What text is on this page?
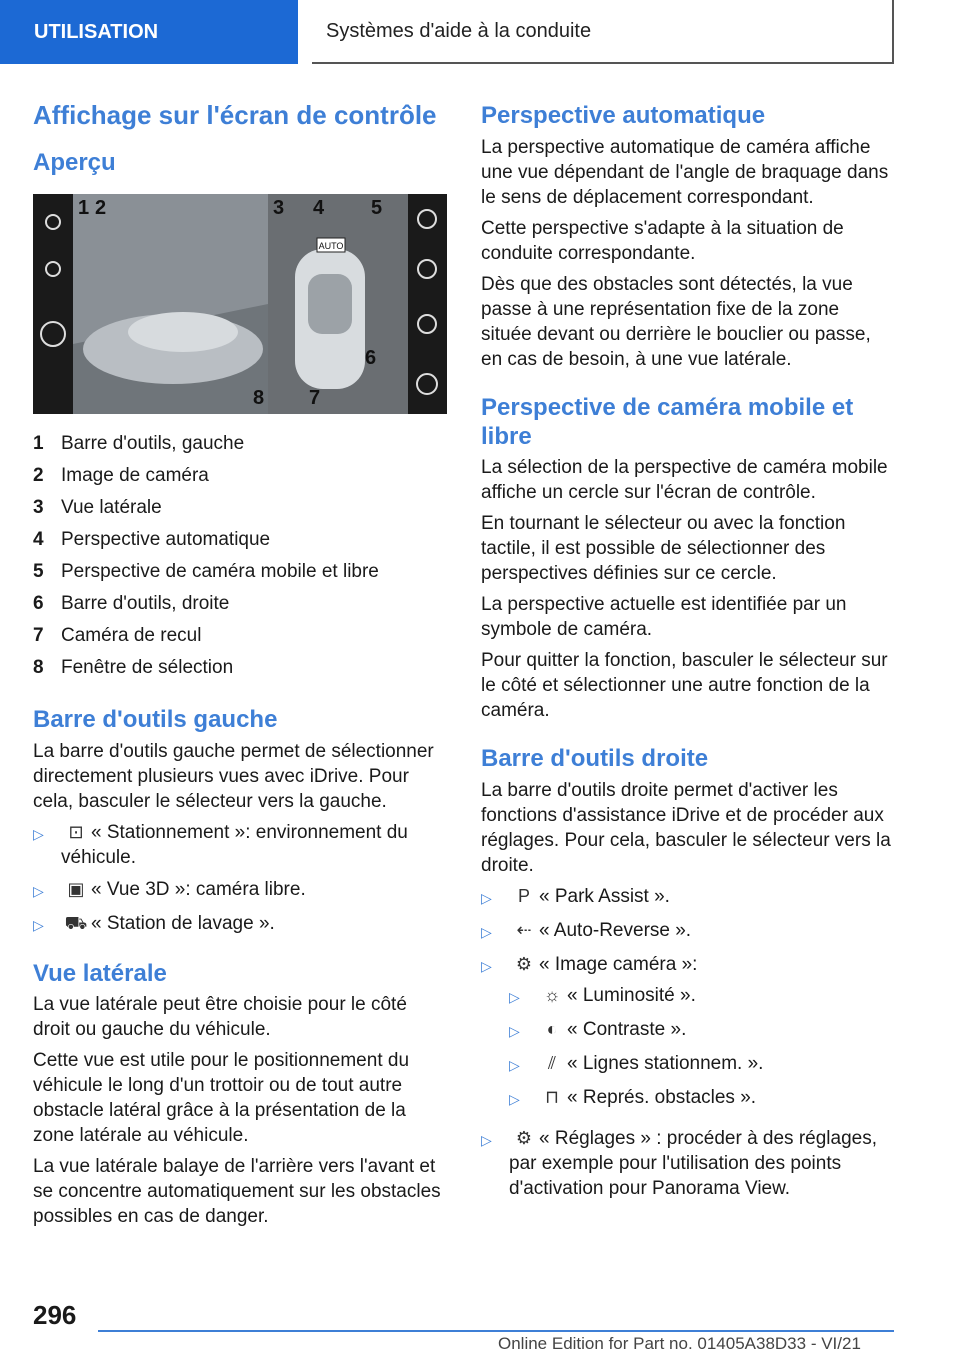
UTILISATION	Systèmes d'aide à la conduite
Affichage sur l'écran de contrôle
Aperçu
AUTO
1 2	3 4 5
6
7
8
1 Barre d'outils, gauche
2 Image de caméra
3 Vue latérale
4 Perspective automatique
5 Perspective de caméra mobile et libre
6 Barre d'outils, droite
7 Caméra de recul
8 Fenêtre de sélection
Barre d'outils gauche

La barre d'outils gauche permet de sélectionner directement plusieurs vues avec iDrive. Pour cela, basculer le sélecteur vers la gauche.

▷	⊡ « Stationnement »: environnement du véhicule.
▷	▣ « Vue 3D »: caméra libre.
▷	⛟ « Station de lavage ».
Vue latérale

La vue latérale peut être choisie pour le côté droit ou gauche du véhicule.

Cette vue est utile pour le positionnement du véhicule le long d'un trottoir ou de tout autre obstacle latéral grâce à la présentation de la zone latérale au véhicule.

La vue latérale balaye de l'arrière vers l'avant et se concentre automatiquement sur les obstacles possibles en cas de danger.

Perspective automatique

La perspective automatique de caméra affiche une vue dépendant de l'angle de braquage dans le sens de déplacement correspondant.

Cette perspective s'adapte à la situation de conduite correspondante.

Dès que des obstacles sont détectés, la vue passe à une représentation fixe de la zone située devant ou derrière le bouclier ou passe, en cas de besoin, à une vue latérale.

Perspective de caméra mobile et libre

La sélection de la perspective de caméra mobile affiche un cercle sur l'écran de contrôle.

En tournant le sélecteur ou avec la fonction tactile, il est possible de sélectionner des perspectives définies sur ce cercle.

La perspective actuelle est identifiée par un symbole de caméra.

Pour quitter la fonction, basculer le sélecteur sur le côté et sélectionner une autre fonction de la caméra.

Barre d'outils droite

La barre d'outils droite permet d'activer les fonctions d'assistance iDrive et de procéder aux réglages. Pour cela, basculer le sélecteur vers la droite.

▷	P « Park Assist ».
▷	⇠ « Auto-Reverse ».
▷	⚙ « Image caméra »:
▷	☼ « Luminosité ».
▷	◐ « Contraste ».
▷	⫽ « Lignes stationnem. ».
▷	⊓ « Représ. obstacles ».
▷	⚙ « Réglages » : procéder à des réglages, par exemple pour l'utilisation des points d'activation pour Panorama View.
296
Online Edition for Part no. 01405A38D33 - VI/21
